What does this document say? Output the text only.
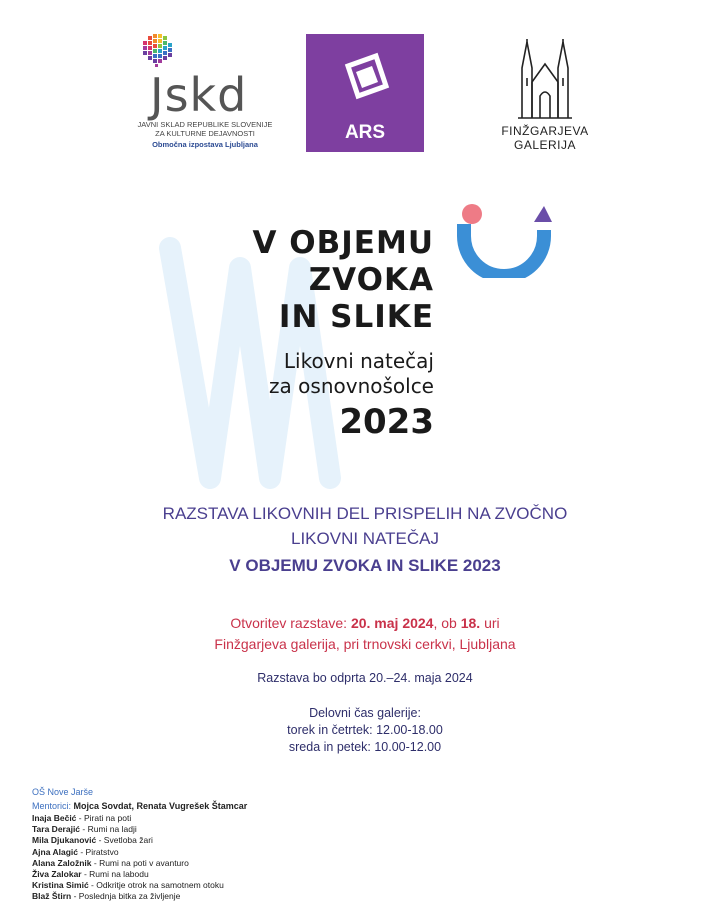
Jskd
JAVNI SKLAD REPUBLIKE SLOVENIJE
ZA KULTURNE DEJAVNOSTI
Območna izpostava Ljubljana
ARS	FINŽGARJEVA
GALERIJA
V OBJEMU
ZVOKA
IN SLIKE
Likovni natečaj
za osnovnošolce
2023
RAZSTAVA LIKOVNIH DEL PRISPELIH NA ZVOČNO
LIKOVNI NATEČAJ
V OBJEMU ZVOKA IN SLIKE 2023
Otvoritev razstave: 20. maj 2024, ob 18. uri
Finžgarjeva galerija, pri trnovski cerkvi, Ljubljana
Razstava bo odprta 20.–24. maja 2024
Delovni čas galerije:
torek in četrtek: 12.00-18.00
sreda in petek: 10.00-12.00
OŠ Nove Jarše
Mentorici: Mojca Sovdat, Renata Vugrešek Štamcar
Inaja Bečić - Pirati na poti
Tara Derajić - Rumi na ladji
Mila Djukanović - Svetloba žari
Ajna Alagić - Piratstvo
Alana Založnik - Rumi na poti v avanturo
Živa Zalokar - Rumi na labodu
Kristina Simić - Odkritje otrok na samotnem otoku
Blaž Štirn - Poslednja bitka za življenje
